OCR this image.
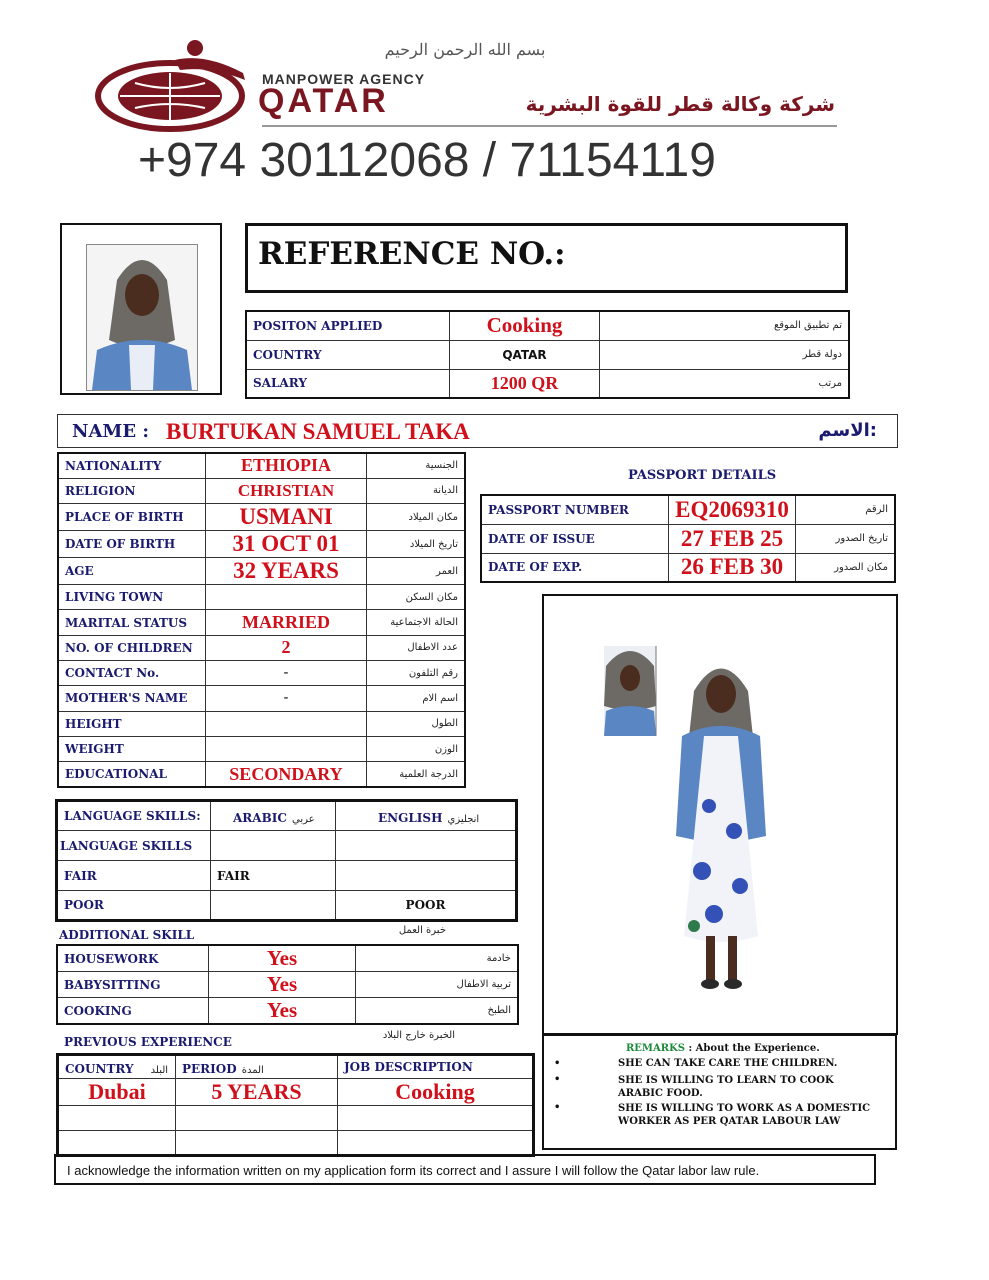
بسم الله الرحمن الرحيم
MANPOWER AGENCY
QATAR	شركة وكالة قطر للقوة البشرية
+974 30112068 / 71154119
REFERENCE NO.:
POSITON APPLIED	Cooking	تم تطبيق الموقع
COUNTRY	QATAR	دولة قطر
SALARY	1200 QR	مرتب
NAME : BURTUKAN SAMUEL TAKA	الاسم:
NATIONALITY	ETHIOPIA	الجنسية
RELIGION	CHRISTIAN	الديانة
PLACE OF BIRTH	USMANI	مكان الميلاد
DATE OF BIRTH	31 OCT 01	تاريخ الميلاد
AGE	32 YEARS	العمر
LIVING TOWN		مكان السكن
MARITAL STATUS	MARRIED	الحالة الاجتماعية
NO. OF CHILDREN	2	عدد الاطفال
CONTACT No.	-	رقم التلفون
MOTHER'S NAME	-	اسم الام
HEIGHT		الطول
WEIGHT		الوزن
EDUCATIONAL	SECONDARY	الدرجة العلمية
PASSPORT DETAILS
PASSPORT NUMBER	EQ2069310	الرقم
DATE OF ISSUE	27 FEB 25	تاريخ الصدور
DATE OF EXP.	26 FEB 30	مكان الصدور
LANGUAGE SKILLS:	ARABIC عربي	ENGLISH انجليزي
LANGUAGE SKILLS		
FAIR	FAIR	
POOR		POOR
ADDITIONAL SKILL	خبرة العمل
HOUSEWORK	Yes	خادمة
BABYSITTING	Yes	تربية الاطفال
COOKING	Yes	الطبخ
PREVIOUS EXPERIENCE	الخبرة خارج البلاد
COUNTRY البلد	PERIOD المدة	JOB DESCRIPTION
Dubai	5 YEARS	Cooking

REMARKS : About the Experience.
•	SHE CAN TAKE CARE THE CHILDREN.
•	SHE IS WILLING TO LEARN TO COOK ARABIC FOOD.
•	SHE IS WILLING TO WORK AS A DOMESTIC WORKER AS PER QATAR LABOUR LAW
I acknowledge the information written on my application form its correct and I assure I will follow the Qatar labor law rule.
